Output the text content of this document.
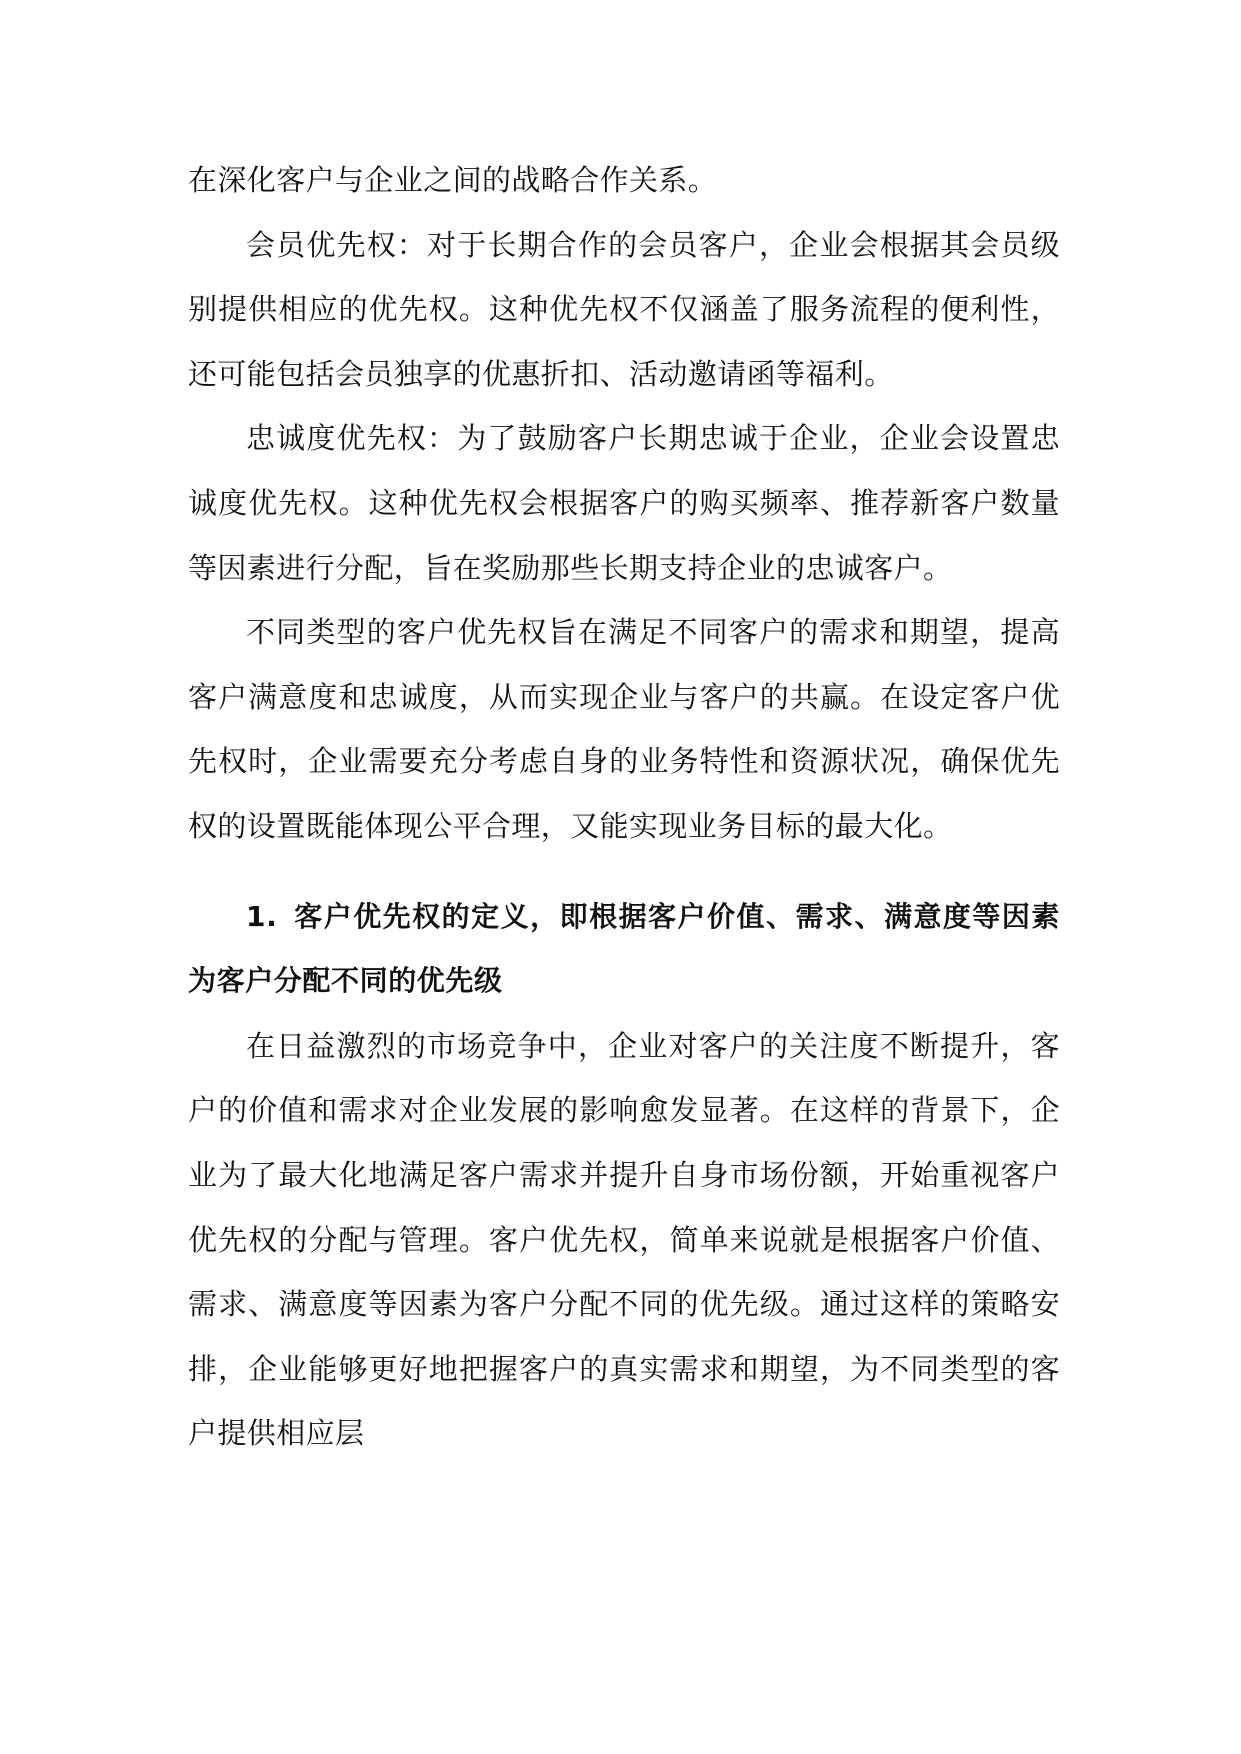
在深化客户与企业之间的战略合作关系。

会员优先权：对于长期合作的会员客户，企业会根据其会员级别提供相应的优先权。这种优先权不仅涵盖了服务流程的便利性，还可能包括会员独享的优惠折扣、活动邀请函等福利。

忠诚度优先权：为了鼓励客户长期忠诚于企业，企业会设置忠诚度优先权。这种优先权会根据客户的购买频率、推荐新客户数量等因素进行分配，旨在奖励那些长期支持企业的忠诚客户。

不同类型的客户优先权旨在满足不同客户的需求和期望，提高客户满意度和忠诚度，从而实现企业与客户的共赢。在设定客户优先权时，企业需要充分考虑自身的业务特性和资源状况，确保优先权的设置既能体现公平合理，又能实现业务目标的最大化。

1. 客户优先权的定义，即根据客户价值、需求、满意度等因素为客户分配不同的优先级

在日益激烈的市场竞争中，企业对客户的关注度不断提升，客户的价值和需求对企业发展的影响愈发显著。在这样的背景下，企业为了最大化地满足客户需求并提升自身市场份额，开始重视客户优先权的分配与管理。客户优先权，简单来说就是根据客户价值、需求、满意度等因素为客户分配不同的优先级。通过这样的策略安排，企业能够更好地把握客户的真实需求和期望，为不同类型的客户提供相应层
